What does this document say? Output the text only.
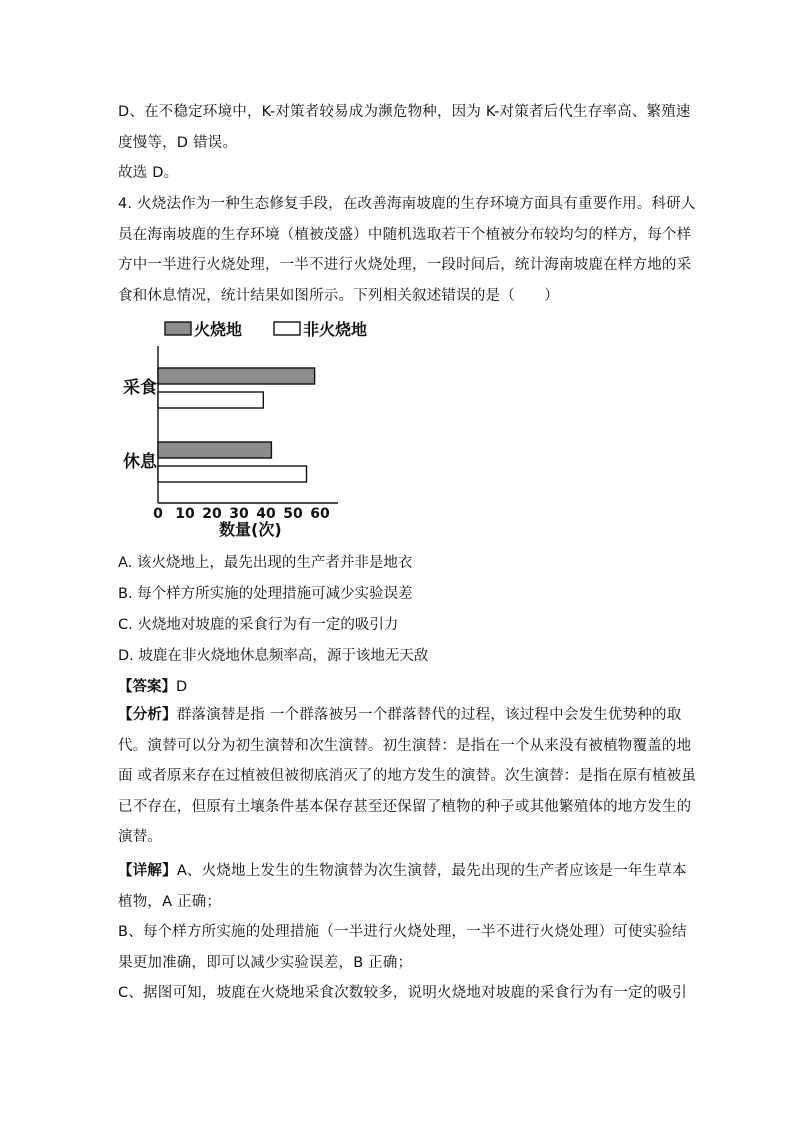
D、在不稳定环境中，K-对策者较易成为濒危物种，因为 K-对策者后代生存率高、繁殖速
度慢等，D 错误。

故选 D。

4. 火烧法作为一种生态修复手段，在改善海南坡鹿的生存环境方面具有重要作用。科研人
员在海南坡鹿的生存环境（植被茂盛）中随机选取若干个植被分布较均匀的样方，每个样
方中一半进行火烧处理，一半不进行火烧处理，一段时间后，统计海南坡鹿在样方地的采
食和休息情况，统计结果如图所示。下列相关叙述错误的是（　　）

火烧地	非火烧地
采食
休息
0 10 20 30 40 50 60
数量(次)
A. 该火烧地上，最先出现的生产者并非是地衣
B. 每个样方所实施的处理措施可减少实验误差
C. 火烧地对坡鹿的采食行为有一定的吸引力
D. 坡鹿在非火烧地休息频率高，源于该地无天敌
【答案】D

【分析】群落演替是指 一个群落被另一个群落替代的过程，该过程中会发生优势种的取
代。演替可以分为初生演替和次生演替。初生演替：是指在一个从来没有被植物覆盖的地
面 或者原来存在过植被但被彻底消灭了的地方发生的演替。次生演替：是指在原有植被虽
已不存在，但原有土壤条件基本保存甚至还保留了植物的种子或其他繁殖体的地方发生的
演替。

【详解】A、火烧地上发生的生物演替为次生演替，最先出现的生产者应该是一年生草本
植物，A 正确；
B、每个样方所实施的处理措施（一半进行火烧处理，一半不进行火烧处理）可使实验结
果更加准确，即可以减少实验误差，B 正确；
C、据图可知，坡鹿在火烧地采食次数较多，说明火烧地对坡鹿的采食行为有一定的吸引
